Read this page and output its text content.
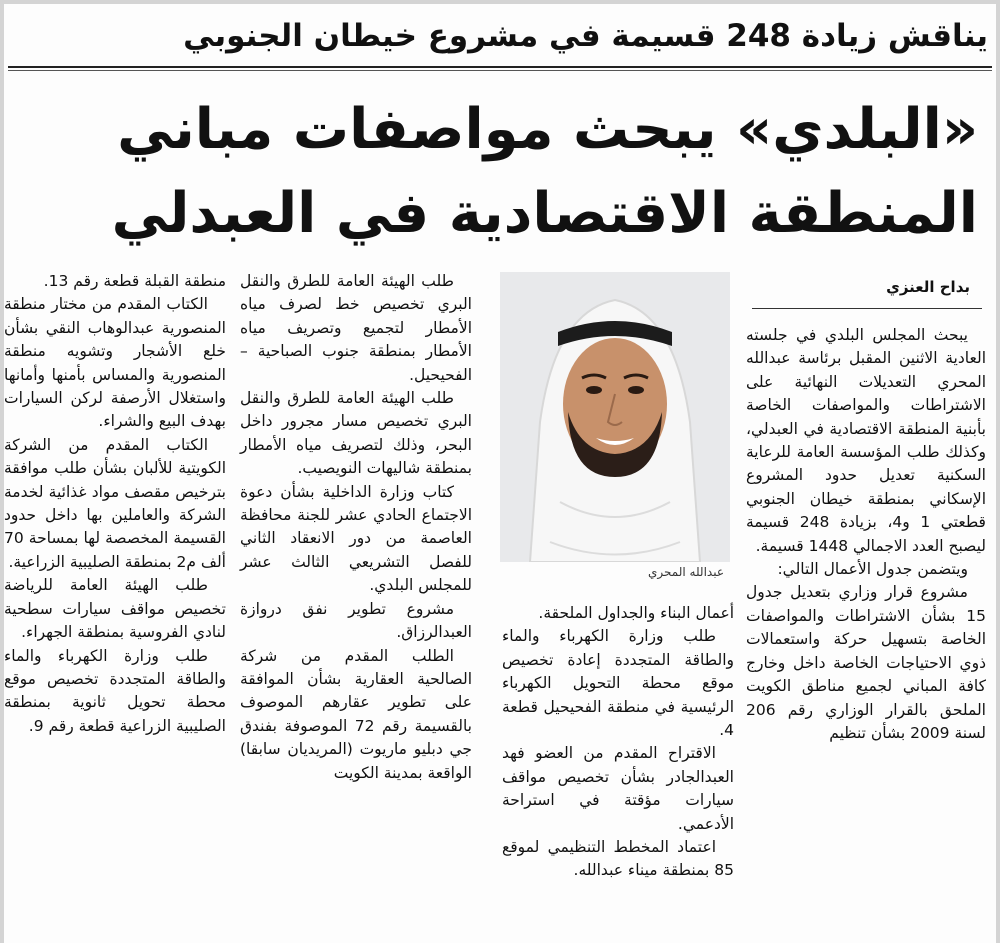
يناقش زيادة 248 قسيمة في مشروع خيطان الجنوبي
«البلدي» يبحث مواصفات مباني
المنطقة الاقتصادية في العبدلي
بداح العنزي
عبدالله المحري

يبحث المجلس البلدي في جلسته العادية الاثنين المقبل برئاسة عبدالله المحري التعديلات النهائية على الاشتراطات والمواصفات الخاصة بأبنية المنطقة الاقتصادية في العبدلي، وكذلك طلب المؤسسة العامة للرعاية السكنية تعديل حدود المشروع الإسكاني بمنطقة خيطان الجنوبي قطعتي 1 و4، بزيادة 248 قسيمة ليصبح العدد الاجمالي 1448 قسيمة.

ويتضمن جدول الأعمال التالي:

مشروع قرار وزاري بتعديل جدول 15 بشأن الاشتراطات والمواصفات الخاصة بتسهيل حركة واستعمالات ذوي الاحتياجات الخاصة داخل وخارج كافة المباني لجميع مناطق الكويت الملحق بالقرار الوزاري رقم 206 لسنة 2009 بشأن تنظيم

أعمال البناء والجداول الملحقة.

طلب وزارة الكهرباء والماء والطاقة المتجددة إعادة تخصيص موقع محطة التحويل الكهرباء الرئيسية في منطقة الفحيحيل قطعة 4.

الاقتراح المقدم من العضو فهد العبدالجادر بشأن تخصيص مواقف سيارات مؤقتة في استراحة الأدعمي.

اعتماد المخطط التنظيمي لموقع 85 بمنطقة ميناء عبدالله.

طلب الهيئة العامة للطرق والنقل البري تخصيص خط لصرف مياه الأمطار لتجميع وتصريف مياه الأمطار بمنطقة جنوب الصباحية – الفحيحيل.

طلب الهيئة العامة للطرق والنقل البري تخصيص مسار مجرور داخل البحر، وذلك لتصريف مياه الأمطار بمنطقة شاليهات النويصيب.

كتاب وزارة الداخلية بشأن دعوة الاجتماع الحادي عشر للجنة محافظة العاصمة من دور الانعقاد الثاني للفصل التشريعي الثالث عشر للمجلس البلدي.

مشروع تطوير نفق دروازة العبدالرزاق.

الطلب المقدم من شركة الصالحية العقارية بشأن الموافقة على تطوير عقارهم الموصوف بالقسيمة رقم 72 الموصوفة بفندق جي دبليو ماريوت (المريديان سابقا) الواقعة بمدينة الكويت

منطقة القبلة قطعة رقم 13.

الكتاب المقدم من مختار منطقة المنصورية عبدالوهاب النقي بشأن خلع الأشجار وتشويه منطقة المنصورية والمساس بأمنها وأمانها واستغلال الأرصفة لركن السيارات بهدف البيع والشراء.

الكتاب المقدم من الشركة الكويتية للألبان بشأن طلب موافقة بترخيص مقصف مواد غذائية لخدمة الشركة والعاملين بها داخل حدود القسيمة المخصصة لها بمساحة 70 ألف م2 بمنطقة الصليبية الزراعية.

طلب الهيئة العامة للرياضة تخصيص مواقف سيارات سطحية لنادي الفروسية بمنطقة الجهراء.

طلب وزارة الكهرباء والماء والطاقة المتجددة تخصيص موقع محطة تحويل ثانوية بمنطقة الصليبية الزراعية قطعة رقم 9.
